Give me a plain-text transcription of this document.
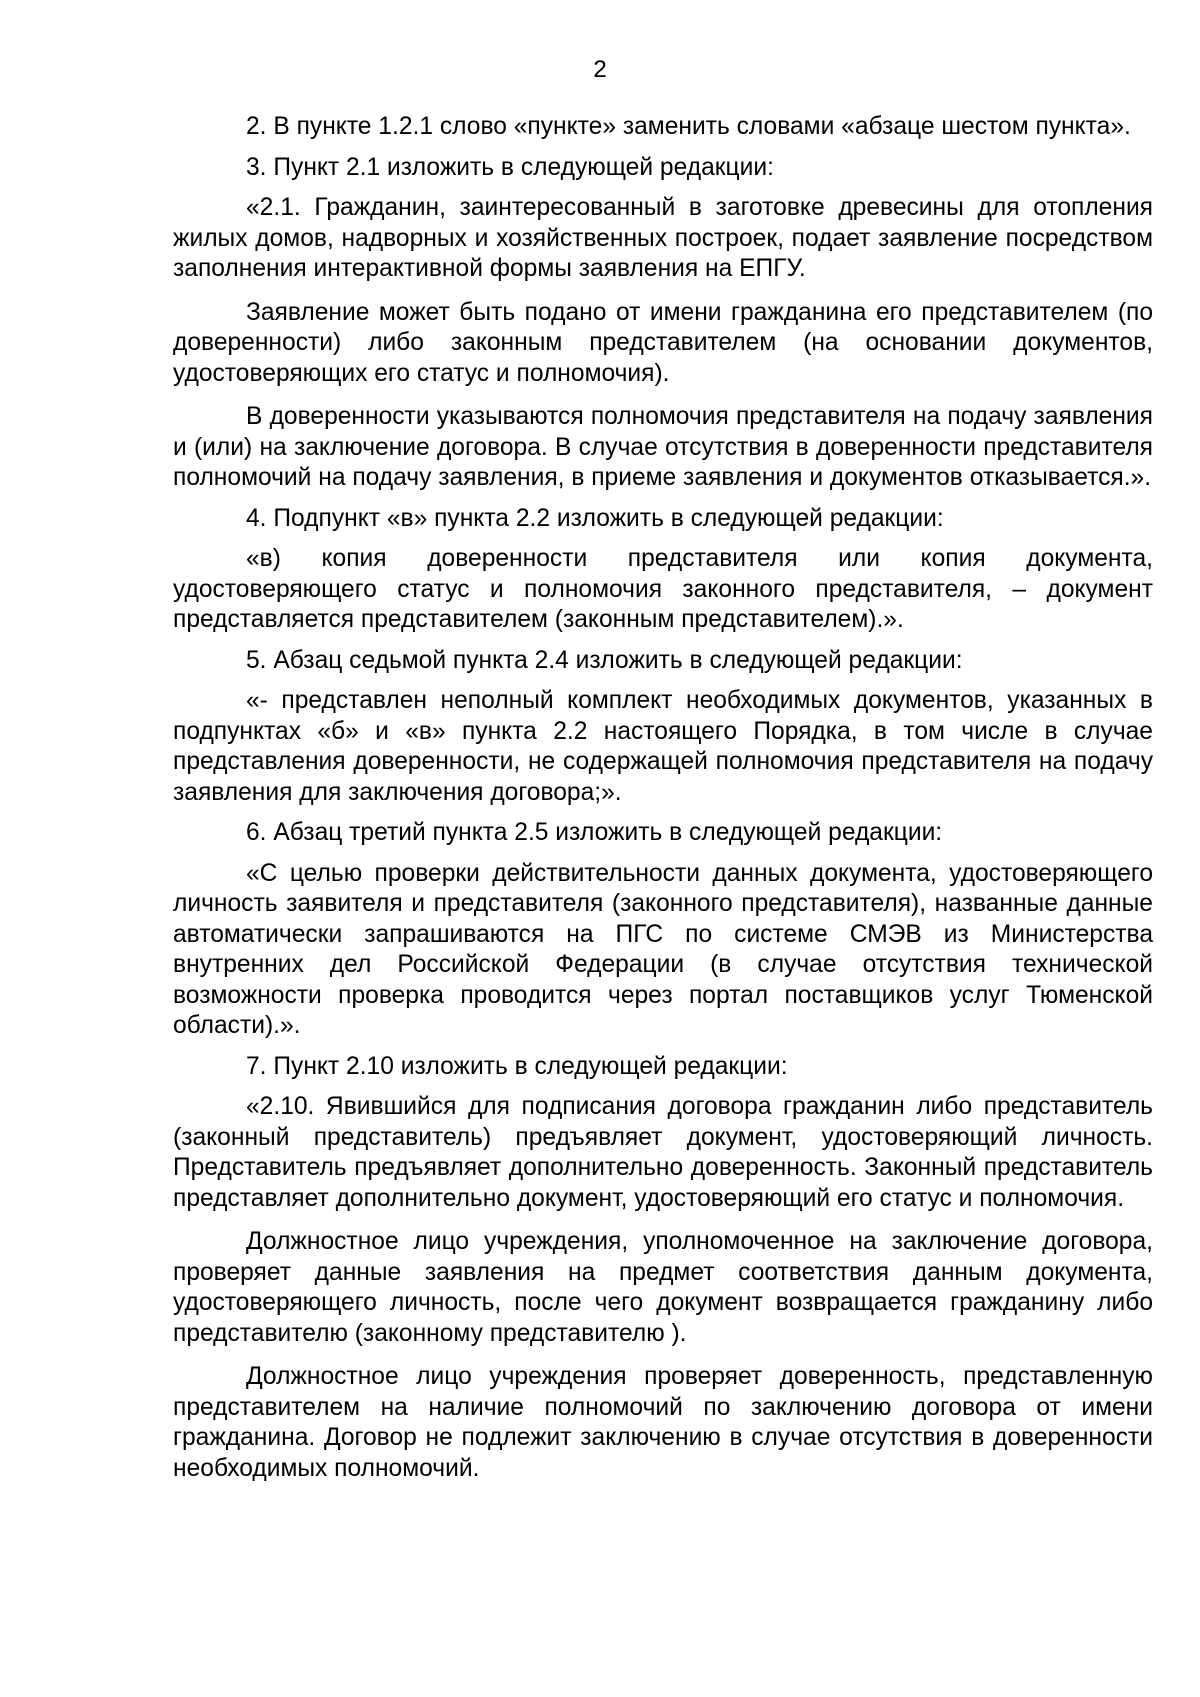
2

2. В пункте 1.2.1 слово «пункте» заменить словами «абзаце шестом пункта».

3. Пункт 2.1 изложить в следующей редакции:

«2.1. Гражданин, заинтересованный в заготовке древесины для отопления жилых домов, надворных и хозяйственных построек, подает заявление посредством заполнения интерактивной формы заявления на ЕПГУ.

Заявление может быть подано от имени гражданина его представителем (по доверенности) либо законным представителем (на основании документов, удостоверяющих его статус и полномочия).

В доверенности указываются полномочия представителя на подачу заявления и (или) на заключение договора. В случае отсутствия в доверенности представителя полномочий на подачу заявления, в приеме заявления и документов отказывается.».

4. Подпункт «в» пункта 2.2 изложить в следующей редакции:

«в) копия доверенности представителя или копия документа, удостоверяющего статус и полномочия законного представителя, – документ представляется представителем (законным представителем).».

5. Абзац седьмой пункта 2.4 изложить в следующей редакции:

«- представлен неполный комплект необходимых документов, указанных в подпунктах «б» и «в» пункта 2.2 настоящего Порядка, в том числе в случае представления доверенности, не содержащей полномочия представителя на подачу заявления для заключения договора;».

6. Абзац третий пункта 2.5 изложить в следующей редакции:

«С целью проверки действительности данных документа, удостоверяющего личность заявителя и представителя (законного представителя), названные данные автоматически запрашиваются на ПГС по системе СМЭВ из Министерства внутренних дел Российской Федерации (в случае отсутствия технической возможности проверка проводится через портал поставщиков услуг Тюменской области).».

7. Пункт 2.10 изложить в следующей редакции:

«2.10. Явившийся для подписания договора гражданин либо представитель (законный представитель) предъявляет документ, удостоверяющий личность. Представитель предъявляет дополнительно доверенность. Законный представитель представляет дополнительно документ, удостоверяющий его статус и полномочия.

Должностное лицо учреждения, уполномоченное на заключение договора, проверяет данные заявления на предмет соответствия данным документа, удостоверяющего личность, после чего документ возвращается гражданину либо представителю (законному представителю ).

Должностное лицо учреждения проверяет доверенность, представленную представителем на наличие полномочий по заключению договора от имени гражданина. Договор не подлежит заключению в случае отсутствия в доверенности необходимых полномочий.
